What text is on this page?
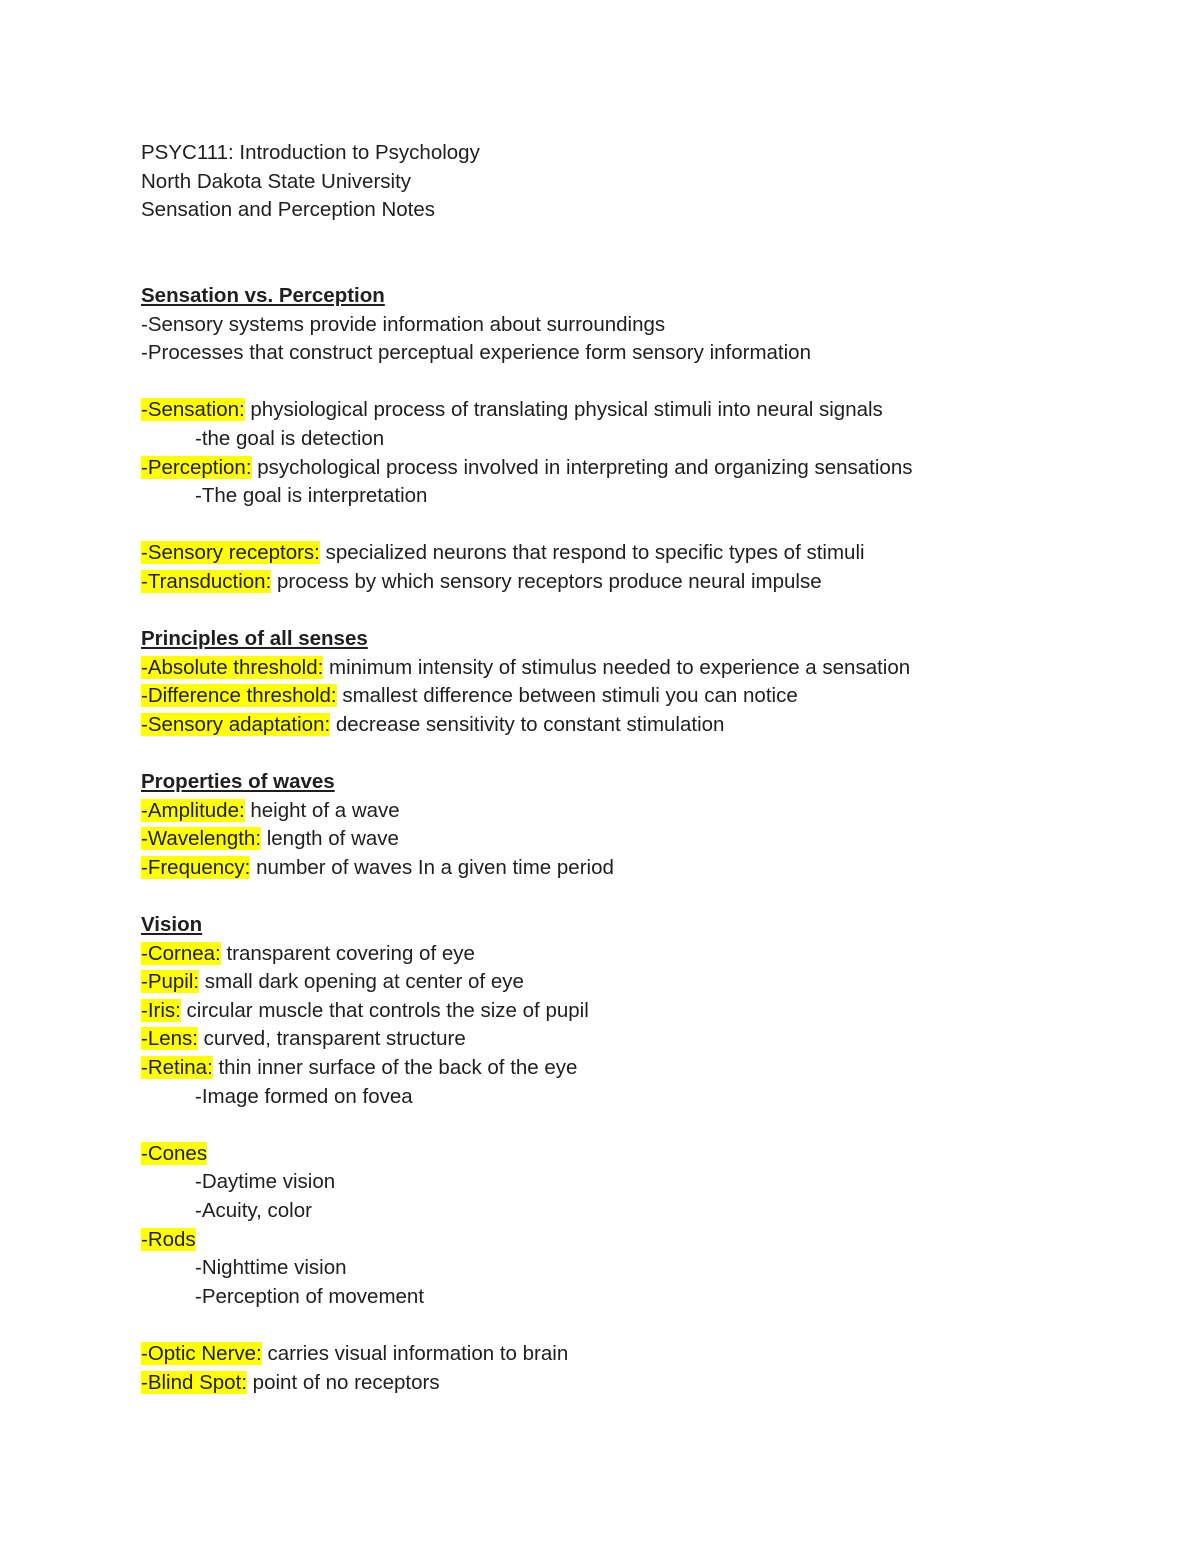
PSYC111: Introduction to Psychology
North Dakota State University
Sensation and Perception Notes
Sensation vs. Perception
-Sensory systems provide information about surroundings
-Processes that construct perceptual experience form sensory information
-Sensation: physiological process of translating physical stimuli into neural signals
-the goal is detection
-Perception: psychological process involved in interpreting and organizing sensations
-The goal is interpretation
-Sensory receptors: specialized neurons that respond to specific types of stimuli
-Transduction: process by which sensory receptors produce neural impulse
Principles of all senses
-Absolute threshold: minimum intensity of stimulus needed to experience a sensation
-Difference threshold: smallest difference between stimuli you can notice
-Sensory adaptation: decrease sensitivity to constant stimulation
Properties of waves
-Amplitude: height of a wave
-Wavelength: length of wave
-Frequency: number of waves In a given time period
Vision
-Cornea: transparent covering of eye
-Pupil: small dark opening at center of eye
-Iris: circular muscle that controls the size of pupil
-Lens: curved, transparent structure
-Retina: thin inner surface of the back of the eye
-Image formed on fovea
-Cones
-Daytime vision
-Acuity, color
-Rods
-Nighttime vision
-Perception of movement
-Optic Nerve: carries visual information to brain
-Blind Spot: point of no receptors
